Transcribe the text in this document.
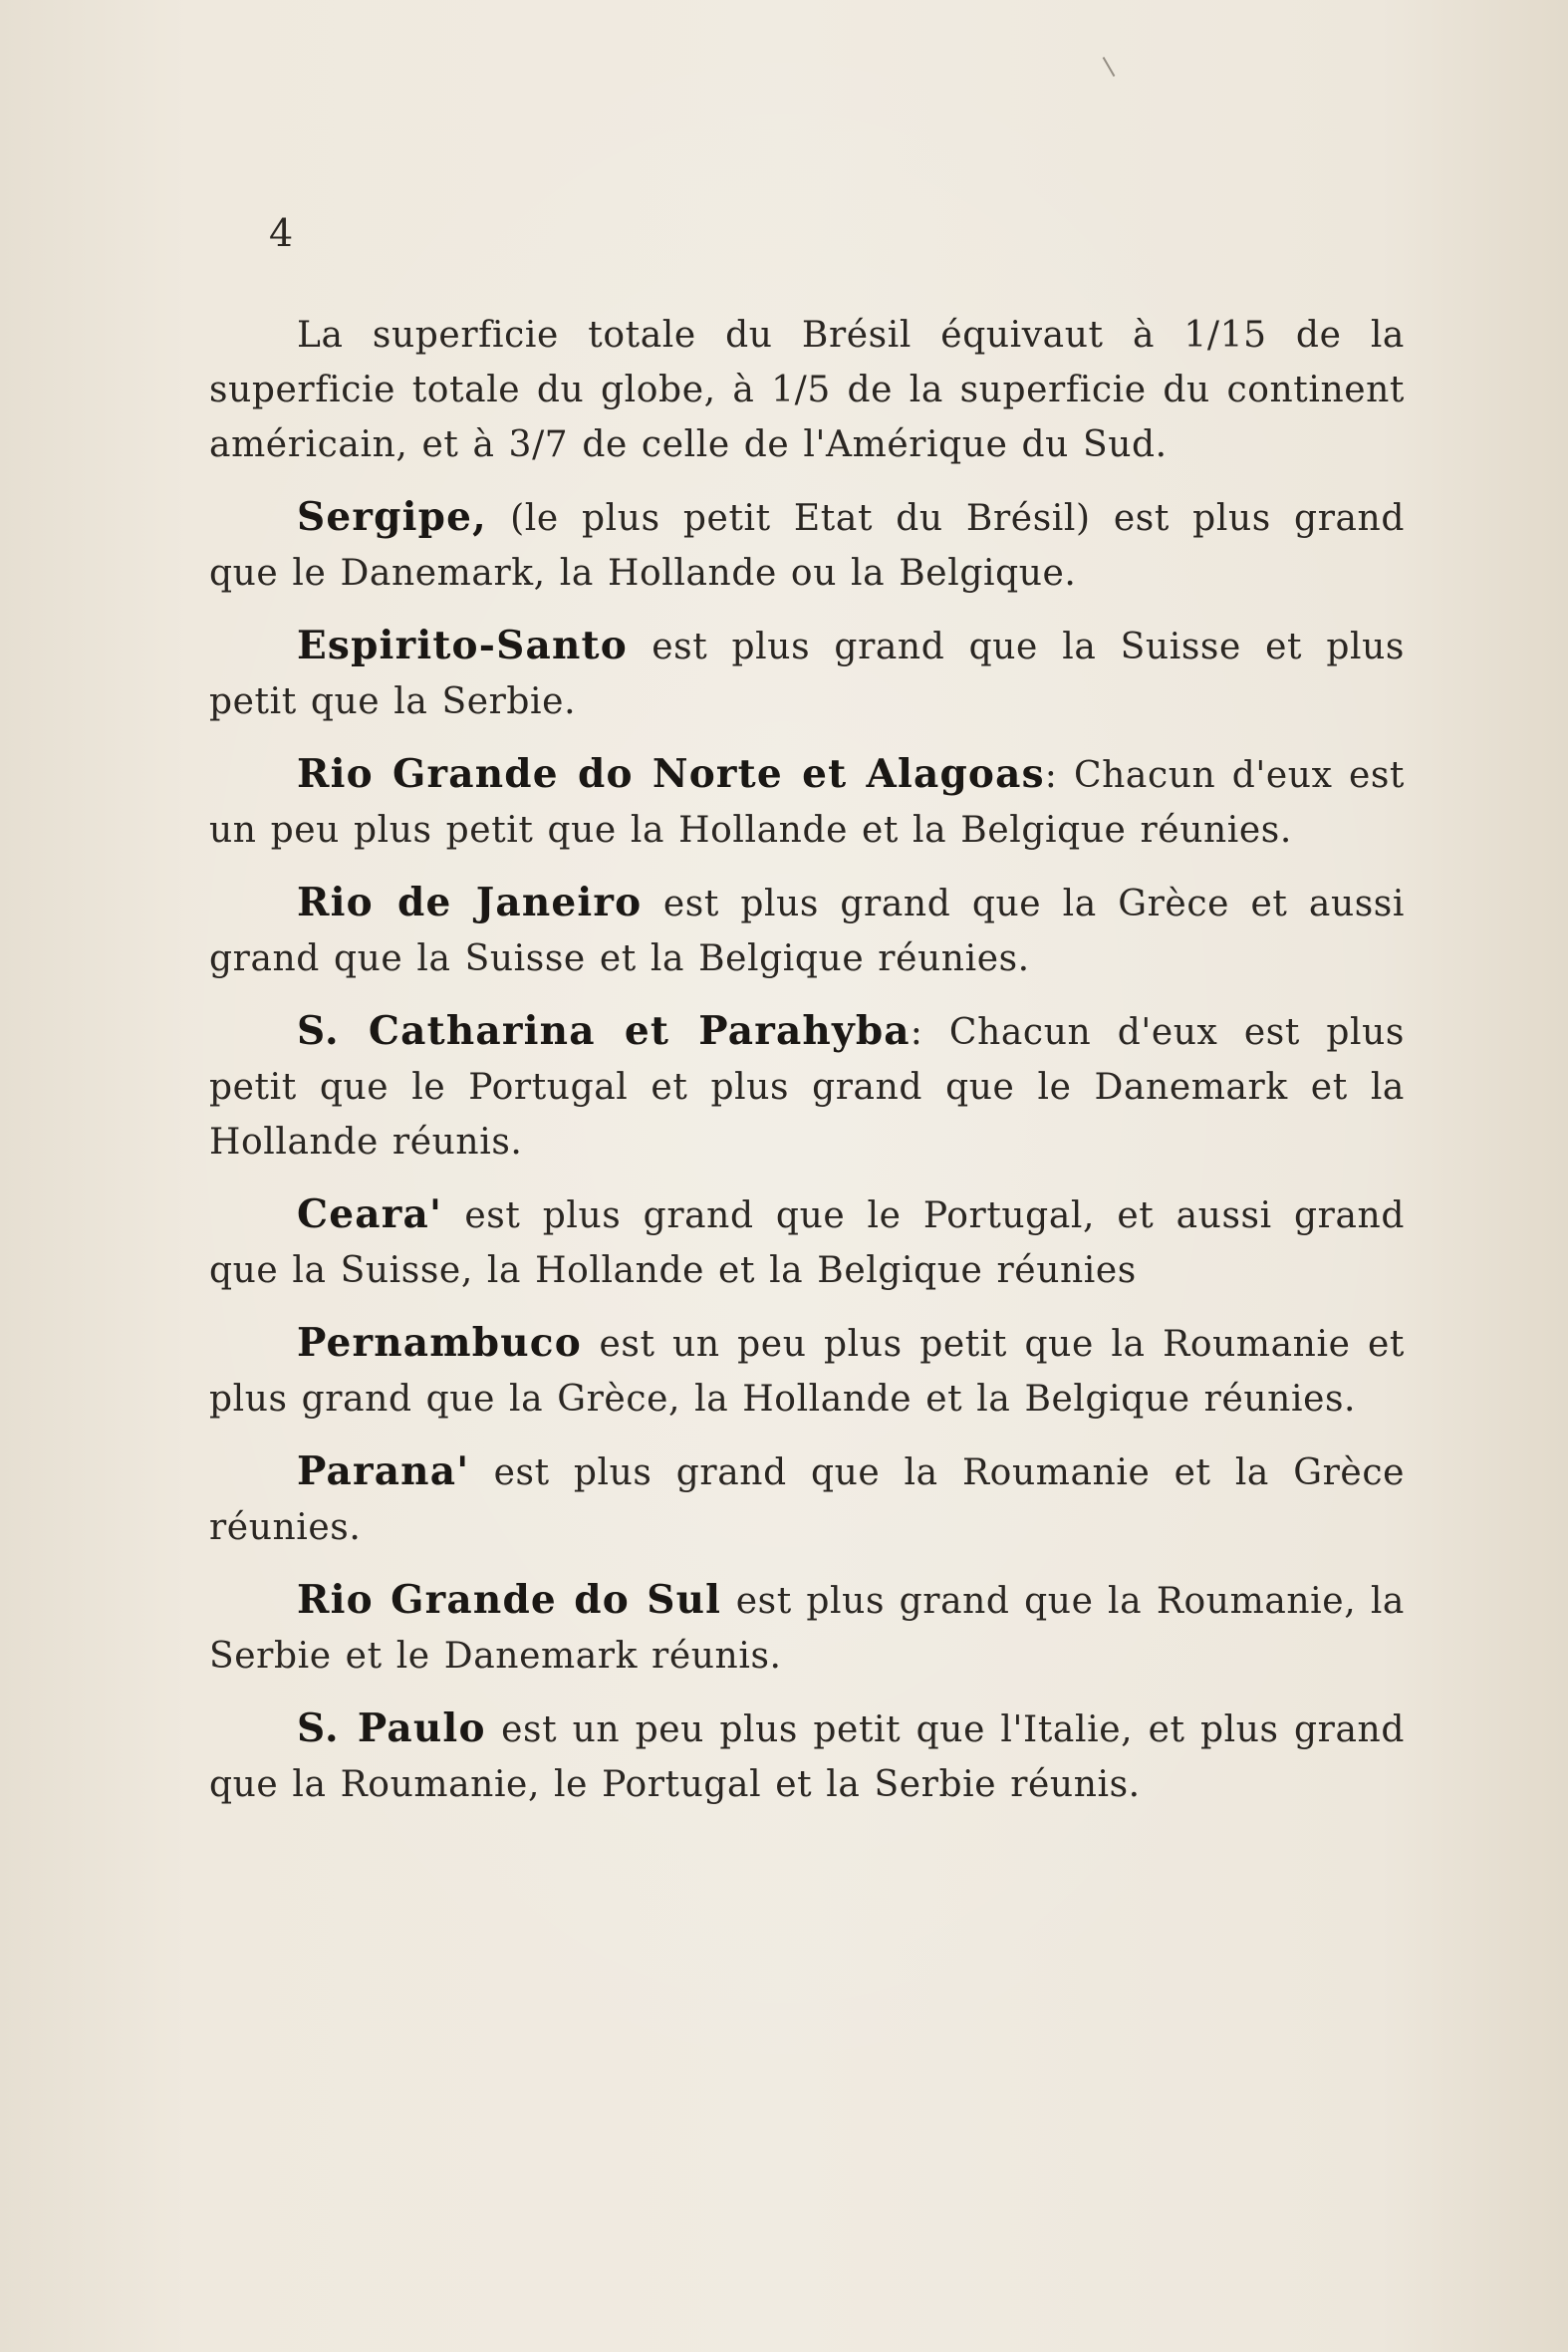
4

La superficie totale du Brésil équivaut à 1/15 de la superficie totale du globe, à 1/5 de la superficie du continent américain, et à 3/7 de celle de l'Amérique du Sud.

Sergipe, (le plus petit Etat du Brésil) est plus grand que le Danemark, la Hollande ou la Belgique.

Espirito-Santo est plus grand que la Suisse et plus petit que la Serbie.

Rio Grande do Norte et Alagoas: Chacun d'eux est un peu plus petit que la Hollande et la Belgique réunies.

Rio de Janeiro est plus grand que la Grèce et aussi grand que la Suisse et la Belgique réunies.

S. Catharina et Parahyba: Chacun d'eux est plus petit que le Portugal et plus grand que le Danemark et la Hollande réunis.

Ceara' est plus grand que le Portugal, et aussi grand que la Suisse, la Hollande et la Belgique réunies

Pernambuco est un peu plus petit que la Roumanie et plus grand que la Grèce, la Hollande et la Belgique réunies.

Parana' est plus grand que la Roumanie et la Grèce réunies.

Rio Grande do Sul est plus grand que la Roumanie, la Serbie et le Danemark réunis.

S. Paulo est un peu plus petit que l'Italie, et plus grand que la Roumanie, le Portugal et la Serbie réunis.
